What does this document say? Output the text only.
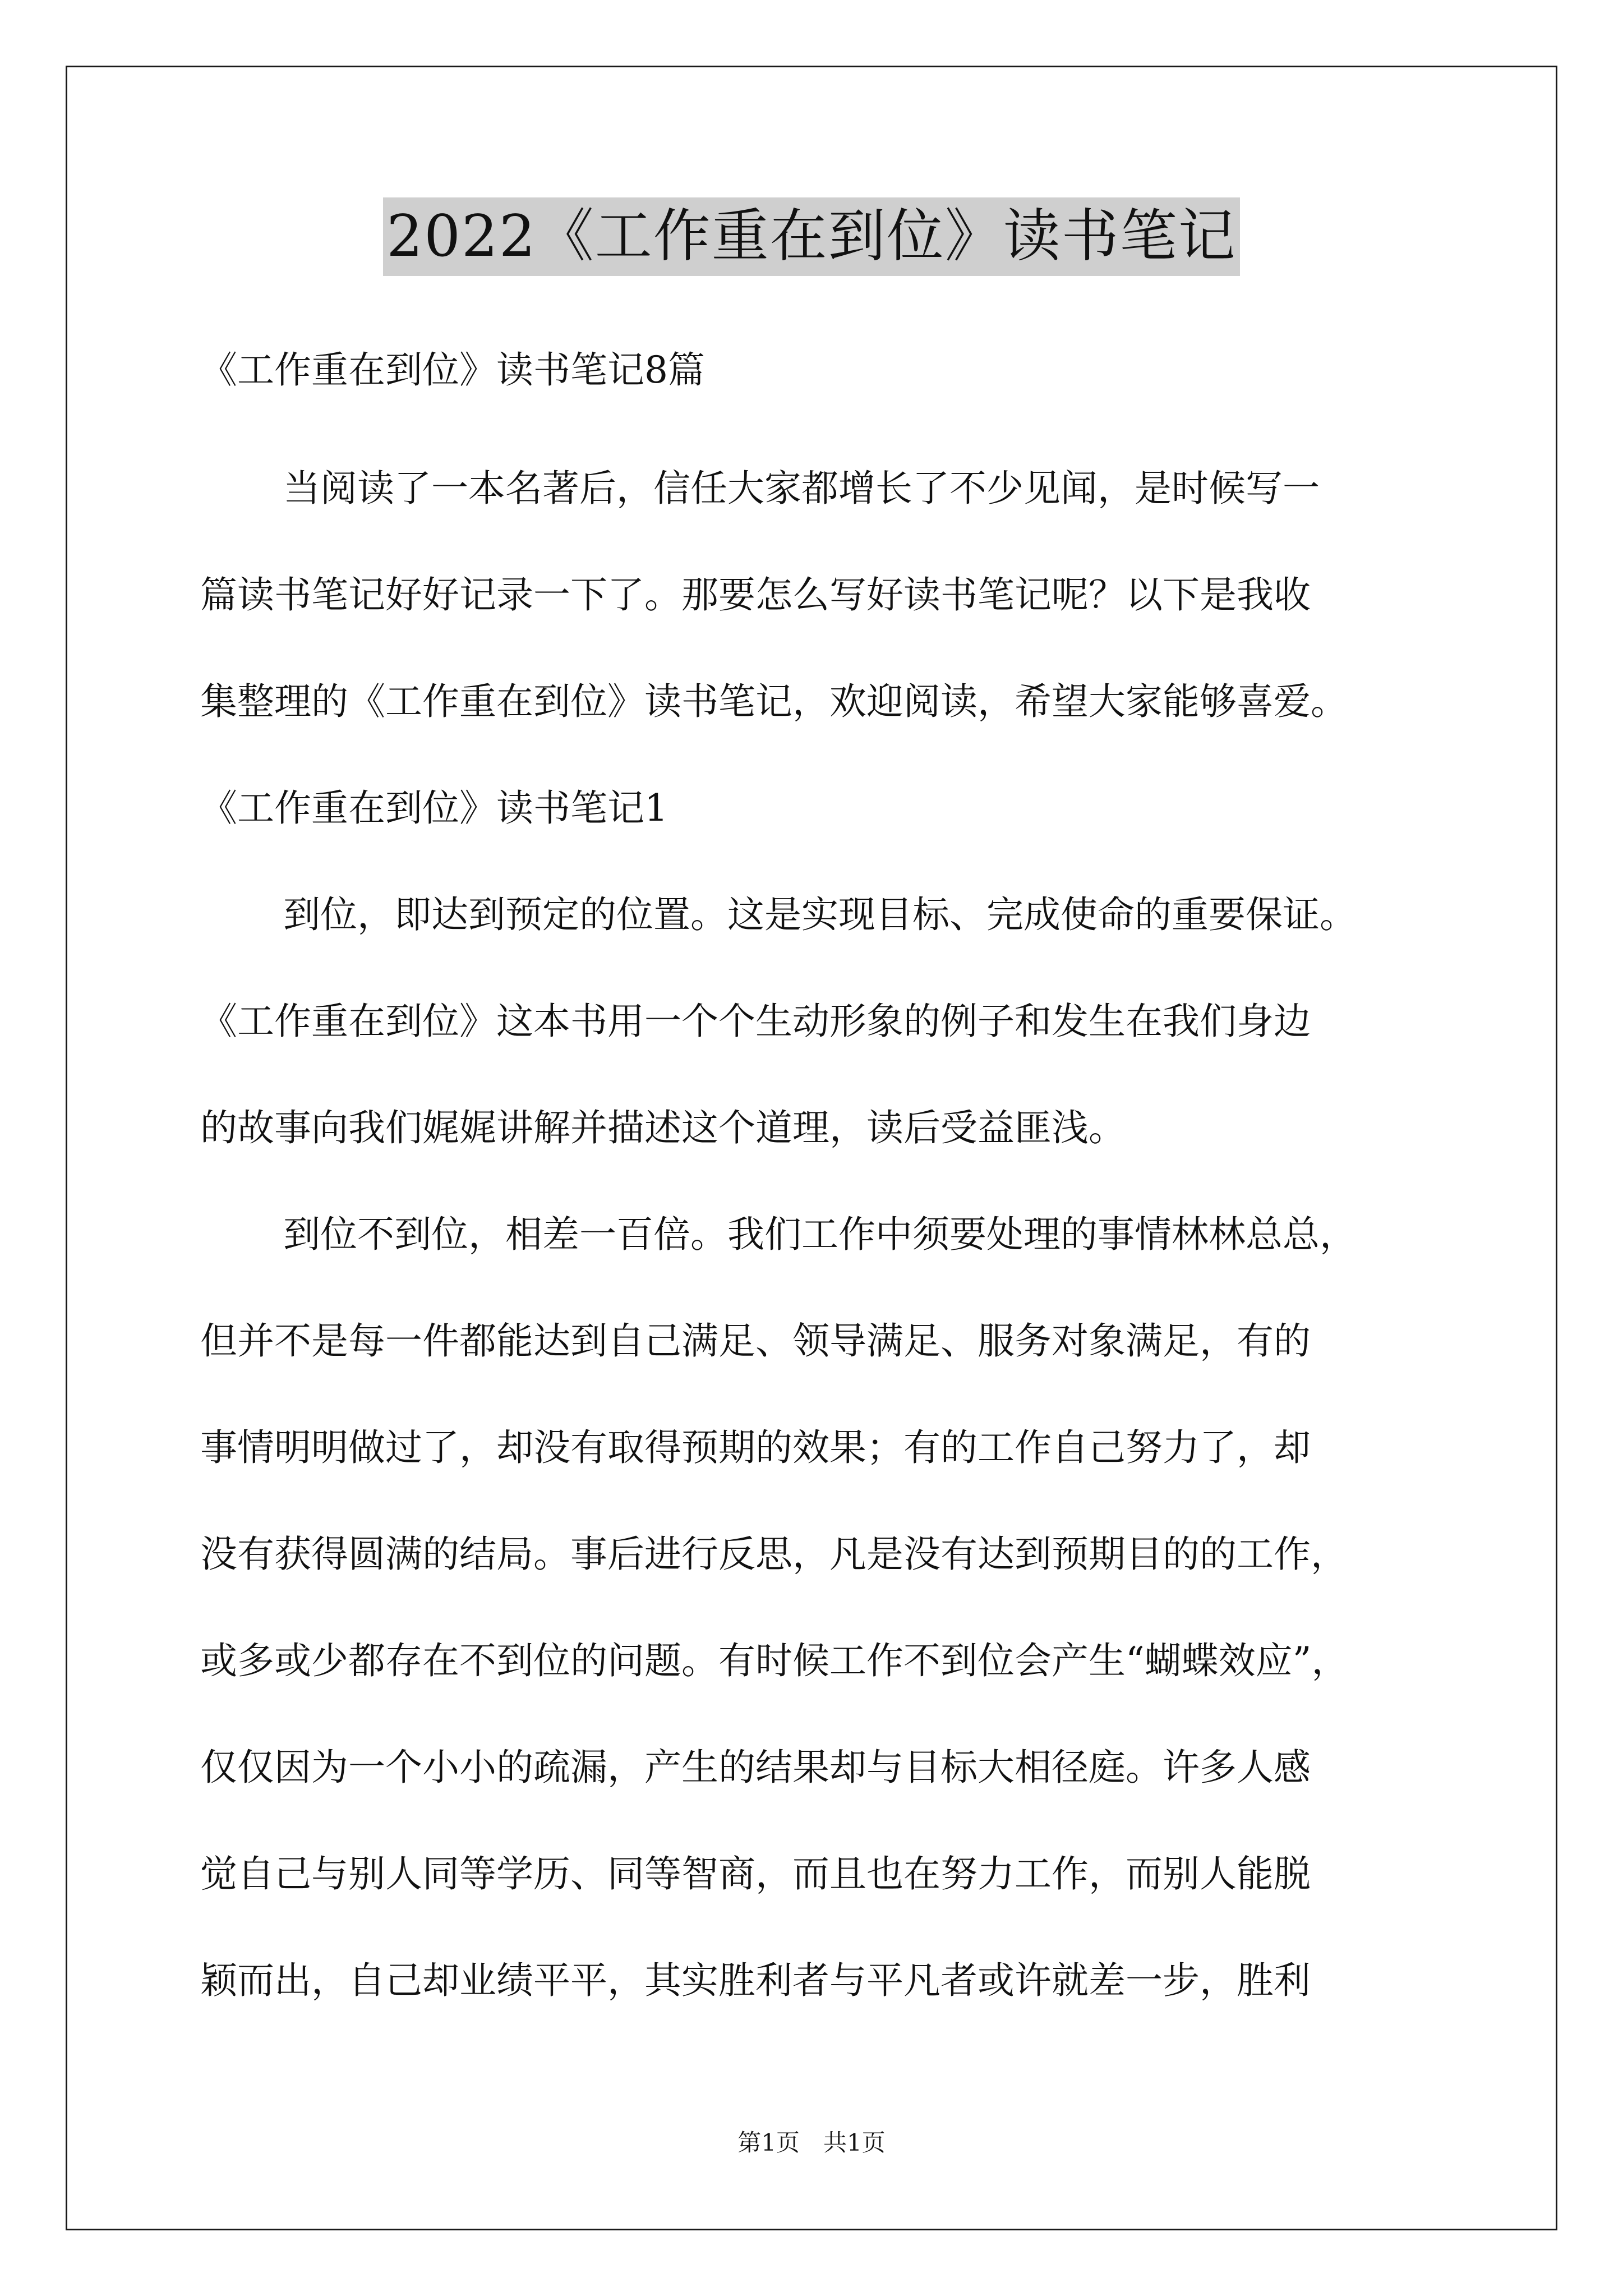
2022《工作重在到位》读书笔记
《工作重在到位》读书笔记8篇
当阅读了一本名著后，信任大家都增长了不少见闻，是时候写一
篇读书笔记好好记录一下了。那要怎么写好读书笔记呢？以下是我收
集整理的《工作重在到位》读书笔记，欢迎阅读，希望大家能够喜爱。
《工作重在到位》读书笔记1
到位，即达到预定的位置。这是实现目标、完成使命的重要保证。
《工作重在到位》这本书用一个个生动形象的例子和发生在我们身边
的故事向我们娓娓讲解并描述这个道理，读后受益匪浅。
到位不到位，相差一百倍。我们工作中须要处理的事情林林总总，
但并不是每一件都能达到自己满足、领导满足、服务对象满足，有的
事情明明做过了，却没有取得预期的效果；有的工作自己努力了，却
没有获得圆满的结局。事后进行反思，凡是没有达到预期目的的工作，
或多或少都存在不到位的问题。有时候工作不到位会产生“蝴蝶效应”，
仅仅因为一个小小的疏漏，产生的结果却与目标大相径庭。许多人感
觉自己与别人同等学历、同等智商，而且也在努力工作，而别人能脱
颖而出，自己却业绩平平，其实胜利者与平凡者或许就差一步，胜利
第1页　共1页
